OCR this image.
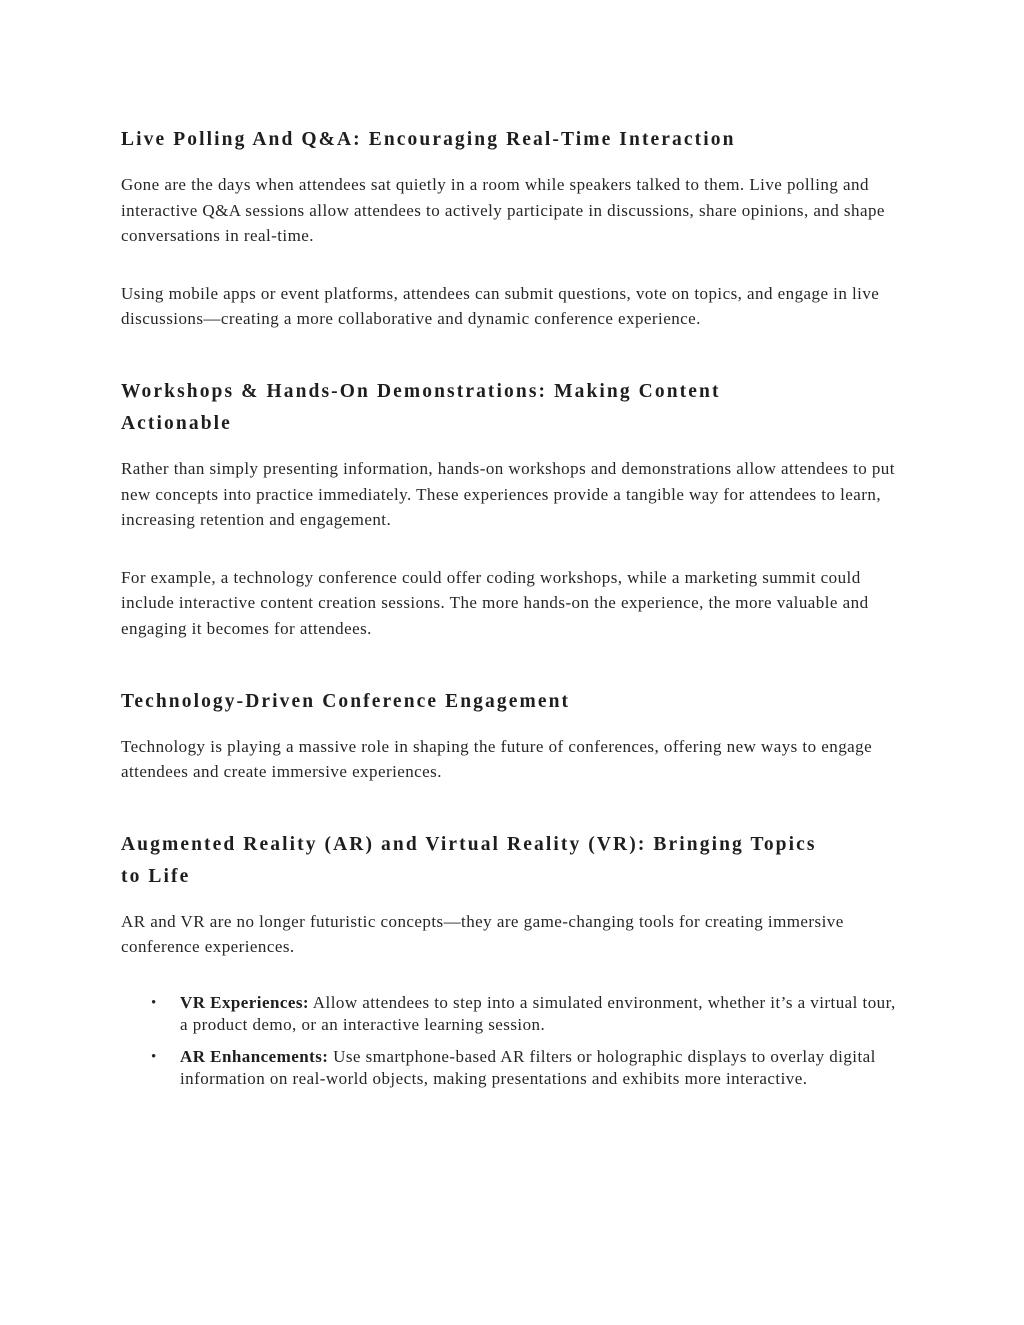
Live Polling And Q&A: Encouraging Real-Time Interaction

Gone are the days when attendees sat quietly in a room while speakers talked to them. Live polling and interactive Q&A sessions allow attendees to actively participate in discussions, share opinions, and shape conversations in real-time.

Using mobile apps or event platforms, attendees can submit questions, vote on topics, and engage in live discussions—creating a more collaborative and dynamic conference experience.

Workshops & Hands-On Demonstrations: Making Content Actionable

Rather than simply presenting information, hands-on workshops and demonstrations allow attendees to put new concepts into practice immediately. These experiences provide a tangible way for attendees to learn, increasing retention and engagement.

For example, a technology conference could offer coding workshops, while a marketing summit could include interactive content creation sessions. The more hands-on the experience, the more valuable and engaging it becomes for attendees.

Technology-Driven Conference Engagement

Technology is playing a massive role in shaping the future of conferences, offering new ways to engage attendees and create immersive experiences.

Augmented Reality (AR) and Virtual Reality (VR): Bringing Topics to Life

AR and VR are no longer futuristic concepts—they are game-changing tools for creating immersive conference experiences.

• VR Experiences: Allow attendees to step into a simulated environment, whether it’s a virtual tour, a product demo, or an interactive learning session.
• AR Enhancements: Use smartphone-based AR filters or holographic displays to overlay digital information on real-world objects, making presentations and exhibits more interactive.
